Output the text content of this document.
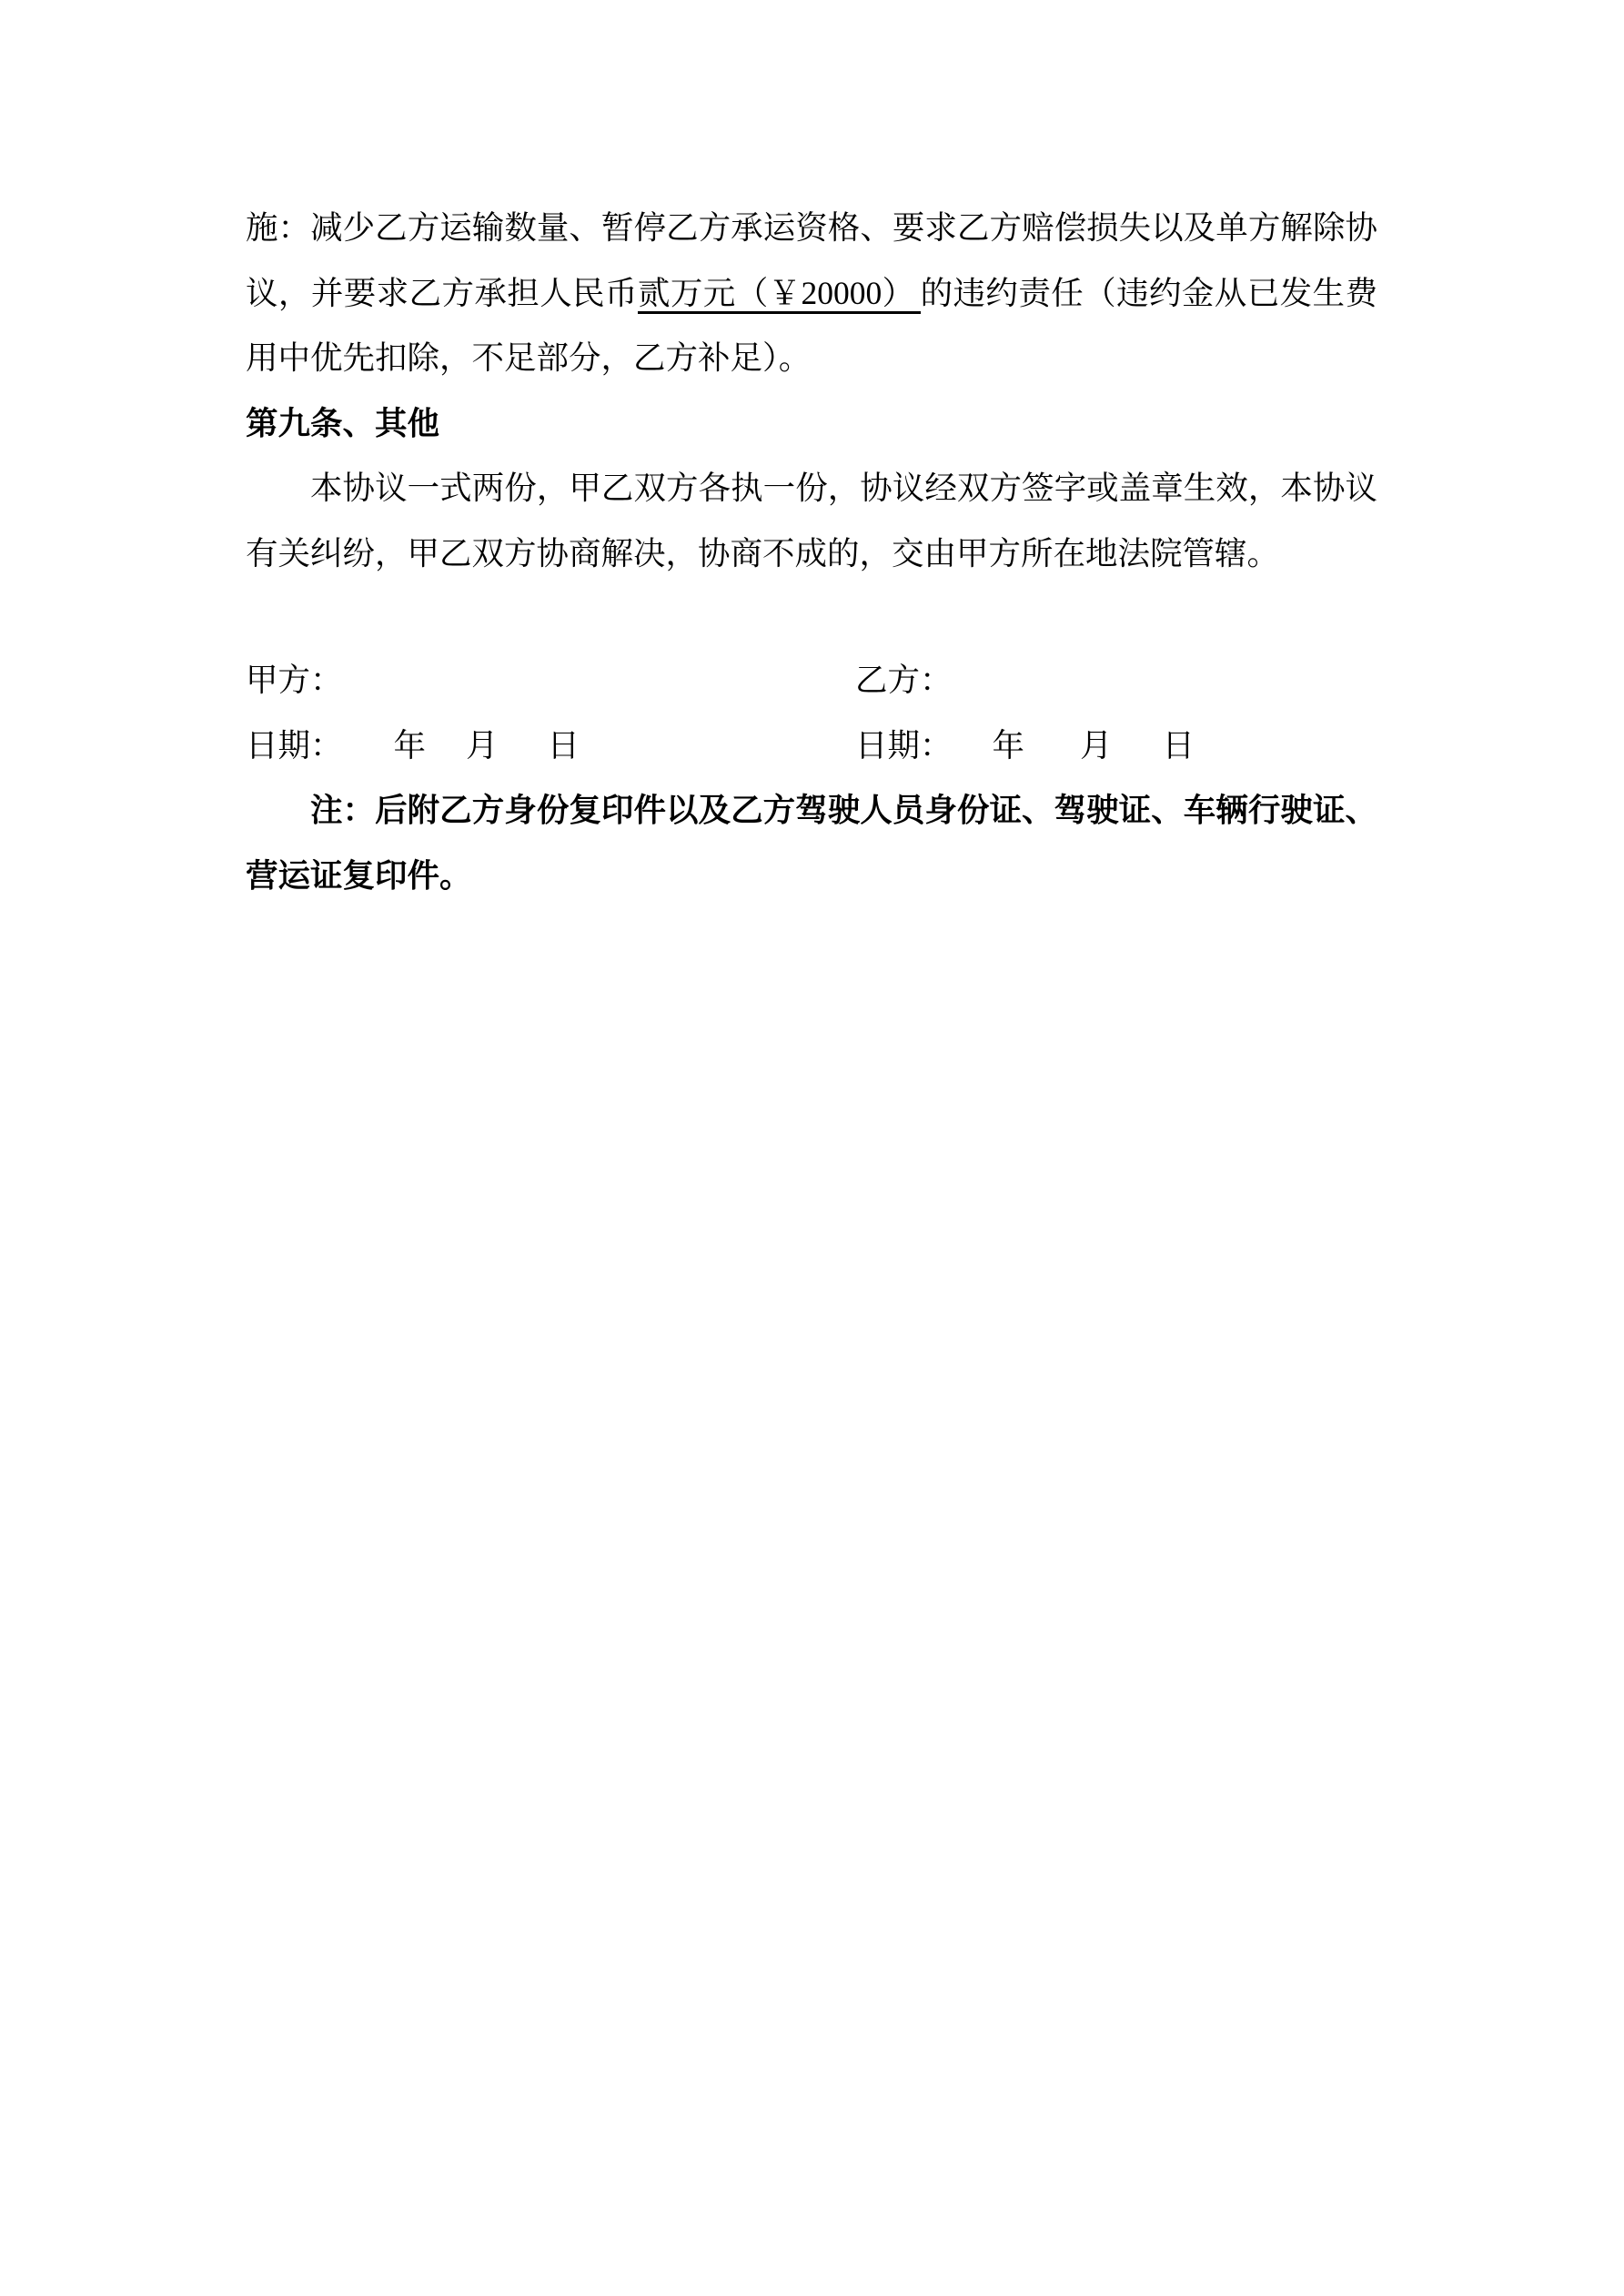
施：减少乙方运输数量、暂停乙方承运资格、要求乙方赔偿损失以及单方解除协

议，并要求乙方承担人民币贰万元（￥20000） 的违约责任（违约金从已发生费

用中优先扣除，不足部分，乙方补足）。

第九条、其他

本协议一式两份，甲乙双方各执一份，协议经双方签字或盖章生效，本协议

有关纠纷，甲乙双方协商解决，协商不成的，交由甲方所在地法院管辖。

甲方：	乙方：

日期： 年 月 日	日期： 年 月 日

注：后附乙方身份复印件以及乙方驾驶人员身份证、驾驶证、车辆行驶证、

营运证复印件。
